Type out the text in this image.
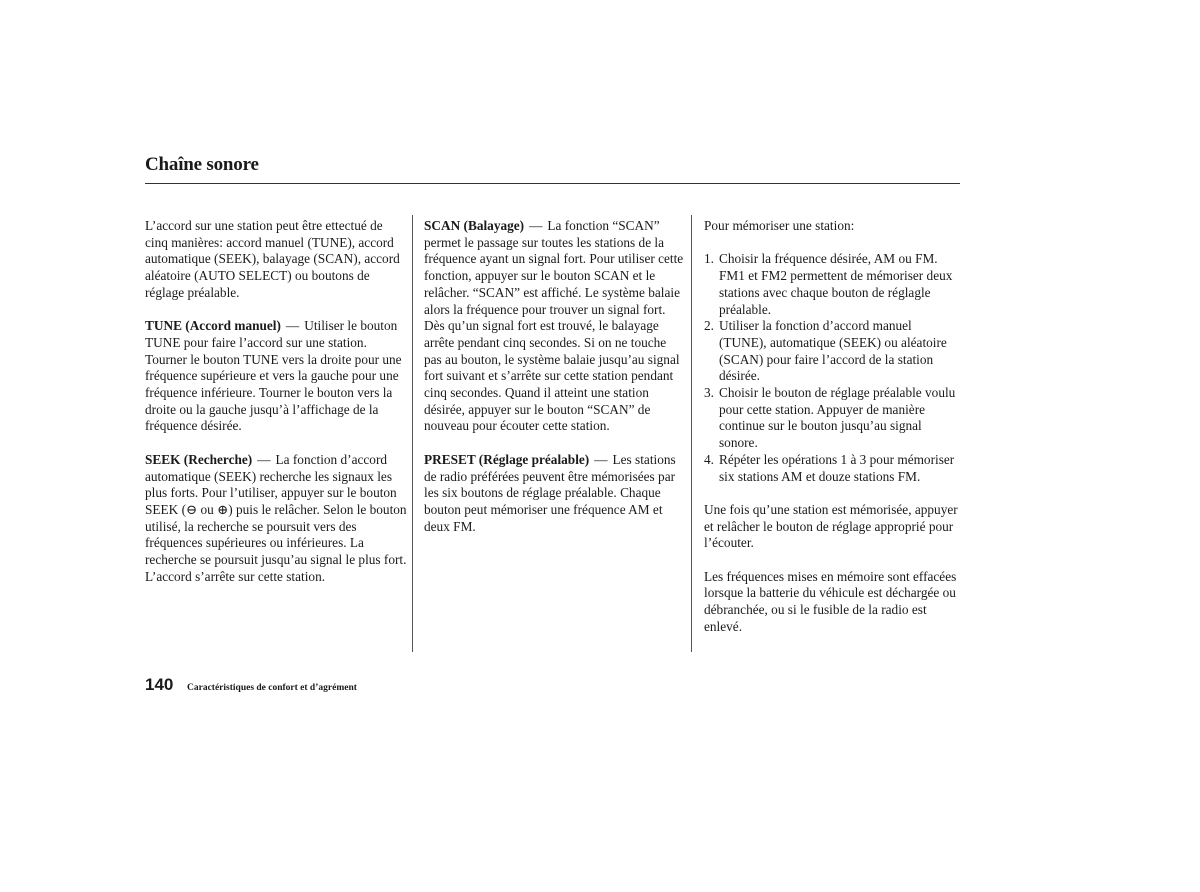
Chaîne sonore

L’accord sur une station peut être ettectué de cinq manières: accord manuel (TUNE), accord automatique (SEEK), balayage (SCAN), accord aléatoire (AUTO SELECT) ou boutons de réglage préalable.

TUNE (Accord manuel) — Utiliser le bouton TUNE pour faire l’accord sur une station. Tourner le bouton TUNE vers la droite pour une fréquence supérieure et vers la gauche pour une fréquence inférieure. Tourner le bouton vers la droite ou la gauche jusqu’à l’affichage de la fréquence désirée.

SEEK (Recherche) — La fonction d’accord automatique (SEEK) recherche les signaux les plus forts. Pour l’utiliser, appuyer sur le bouton SEEK (⊖ ou ⊕) puis le relâcher. Selon le bouton utilisé, la recherche se poursuit vers des fréquences supérieures ou inférieures. La recherche se poursuit jusqu’au signal le plus fort. L’accord s’arrête sur cette station.

SCAN (Balayage) — La fonction “SCAN” permet le passage sur toutes les stations de la fréquence ayant un signal fort. Pour utiliser cette fonction, appuyer sur le bouton SCAN et le relâcher. “SCAN” est affiché. Le système balaie alors la fréquence pour trouver un signal fort. Dès qu’un signal fort est trouvé, le balayage arrête pendant cinq secondes. Si on ne touche pas au bouton, le système balaie jusqu’au signal fort suivant et s’arrête sur cette station pendant cinq secondes. Quand il atteint une station désirée, appuyer sur le bouton “SCAN” de nouveau pour écouter cette station.

PRESET (Réglage préalable) — Les stations de radio préférées peuvent être mémorisées par les six boutons de réglage préalable. Chaque bouton peut mémoriser une fréquence AM et deux FM.

Pour mémoriser une station:

1. Choisir la fréquence désirée, AM ou FM. FM1 et FM2 permettent de mémoriser deux stations avec chaque bouton de réglagle préalable.
2. Utiliser la fonction d’accord manuel (TUNE), automatique (SEEK) ou aléatoire (SCAN) pour faire l’accord de la station désirée.
3. Choisir le bouton de réglage préalable voulu pour cette station. Appuyer de manière continue sur le bouton jusqu’au signal sonore.
4. Répéter les opérations 1 à 3 pour mémoriser six stations AM et douze stations FM.

Une fois qu’une station est mémorisée, appuyer et relâcher le bouton de réglage approprié pour l’écouter.

Les fréquences mises en mémoire sont effacées lorsque la batterie du véhicule est déchargée ou débranchée, ou si le fusible de la radio est enlevé.

140 Caractéristiques de confort et d’agrément
